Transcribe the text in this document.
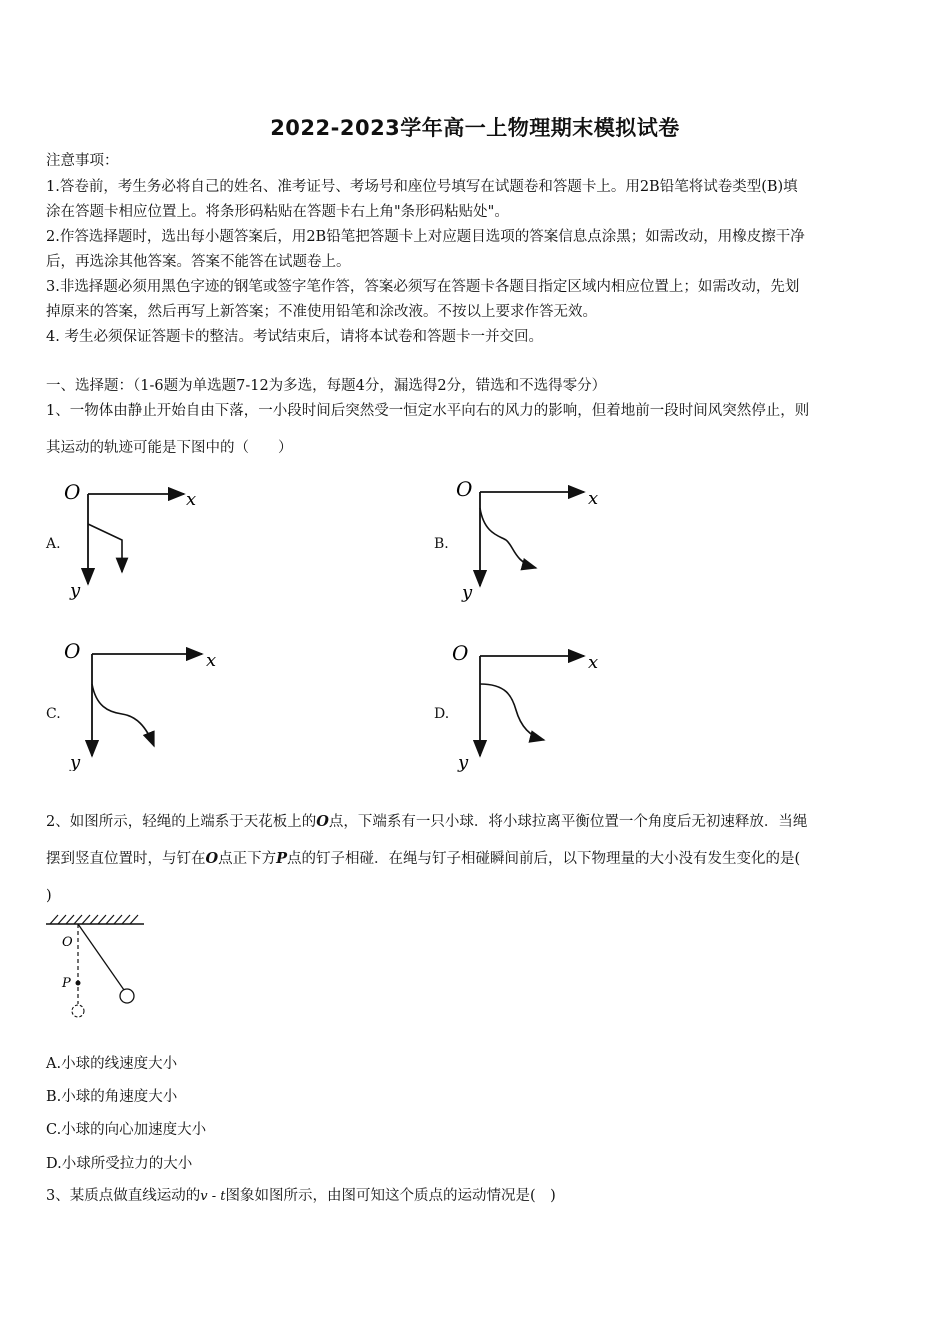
2022-2023学年高一上物理期末模拟试卷
注意事项：
1.答卷前，考生务必将自己的姓名、准考证号、考场号和座位号填写在试题卷和答题卡上。用2B铅笔将试卷类型(B)填
涂在答题卡相应位置上。将条形码粘贴在答题卡右上角"条形码粘贴处"。
2.作答选择题时，选出每小题答案后，用2B铅笔把答题卡上对应题目选项的答案信息点涂黑；如需改动，用橡皮擦干净
后，再选涂其他答案。答案不能答在试题卷上。
3.非选择题必须用黑色字迹的钢笔或签字笔作答，答案必须写在答题卡各题目指定区域内相应位置上；如需改动，先划
掉原来的答案，然后再写上新答案；不准使用铅笔和涂改液。不按以上要求作答无效。
4. 考生必须保证答题卡的整洁。考试结束后，请将本试卷和答题卡一并交回。
一、选择题：（1-6题为单选题7-12为多选，每题4分，漏选得2分，错选和不选得零分）
1、一物体由静止开始自由下落，一小段时间后突然受一恒定水平向右的风力的影响，但着地前一段时间风突然停止，则
其运动的轨迹可能是下图中的（　　）
A.
O	x
y
B.
O	x
y
C.
O	x
y
D.
O	x
y
2、如图所示，轻绳的上端系于天花板上的O点，下端系有一只小球．将小球拉离平衡位置一个角度后无初速释放．当绳
摆到竖直位置时，与钉在O点正下方P点的钉子相碰．在绳与钉子相碰瞬间前后，以下物理量的大小没有发生变化的是(
)
O
P
A.小球的线速度大小
B.小球的角速度大小
C.小球的向心加速度大小
D.小球所受拉力的大小
3、某质点做直线运动的v - t图象如图所示，由图可知这个质点的运动情况是(　)
